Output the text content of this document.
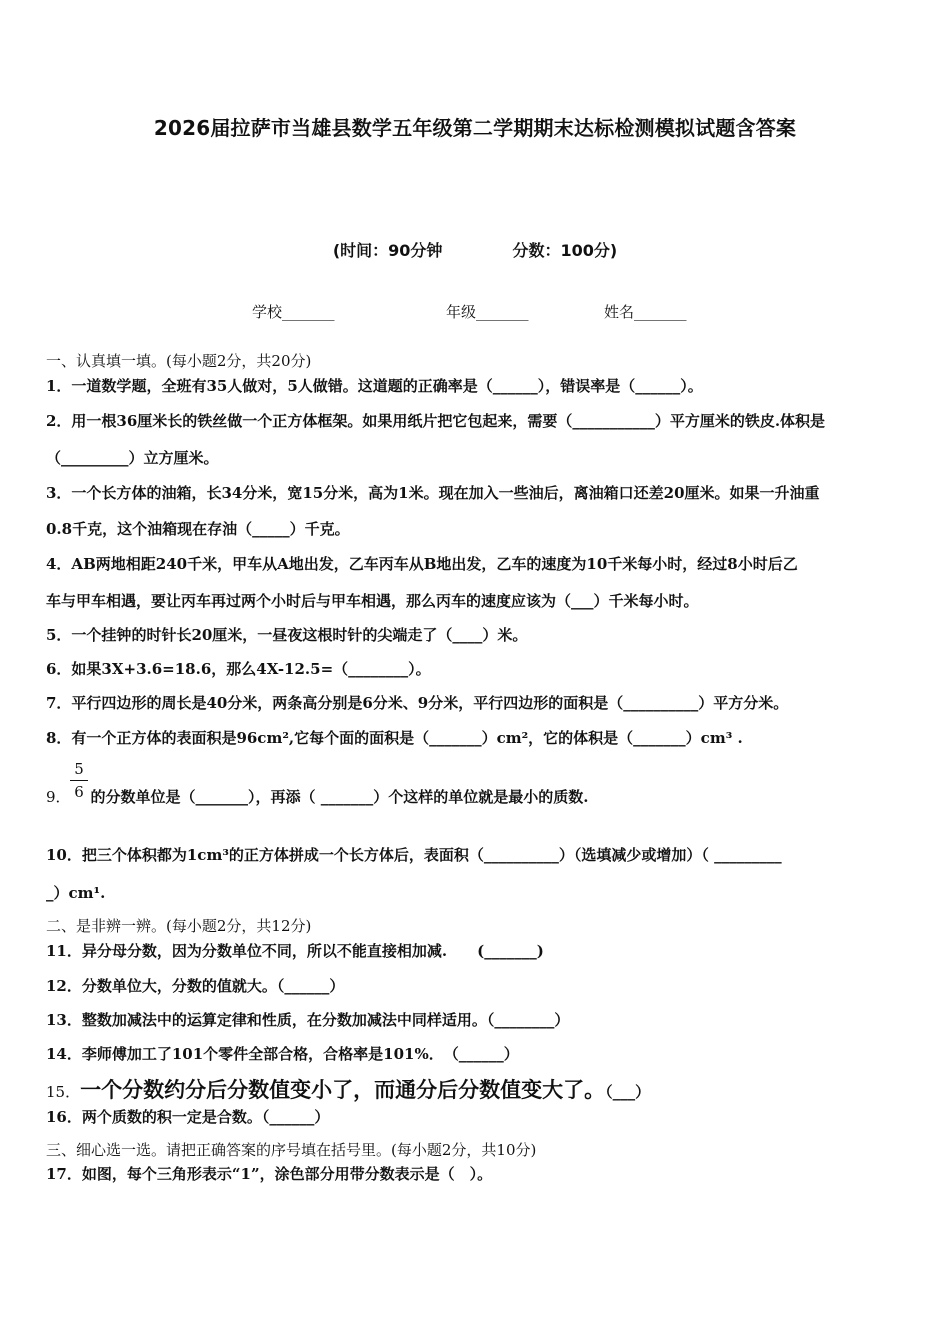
2026届拉萨市当雄县数学五年级第二学期期末达标检测模拟试题含答案
(时间：90分钟	分数：100分)
学校_______	年级_______	姓名_______
一、认真填一填。(每小题2分，共20分)
1．一道数学题，全班有35人做对，5人做错。这道题的正确率是（______），错误率是（______）。
2．用一根36厘米长的铁丝做一个正方体框架。如果用纸片把它包起来，需要（___________）平方厘米的铁皮.体积是
（_________）立方厘米。
3．一个长方体的油箱，长34分米，宽15分米，高为1米。现在加入一些油后，离油箱口还差20厘米。如果一升油重
0.8千克，这个油箱现在存油（_____）千克。
4．AB两地相距240千米，甲车从A地出发，乙车丙车从B地出发，乙车的速度为10千米每小时，经过8小时后乙
车与甲车相遇，要让丙车再过两个小时后与甲车相遇，那么丙车的速度应该为（___）千米每小时。
5．一个挂钟的时针长20厘米，一昼夜这根时针的尖端走了（____）米。
6．如果3X+3.6=18.6，那么4X-12.5=（________）。
7．平行四边形的周长是40分米，两条高分别是6分米、9分米，平行四边形的面积是（__________）平方分米。
8．有一个正方体的表面积是96cm²,它每个面的面积是（_______）cm²，它的体积是（_______）cm³ .
5
6
9． 的分数单位是（_______），再添（ _______）个这样的单位就是最小的质数.
10．把三个体积都为1cm³的正方体拼成一个长方体后，表面积（__________）（选填减少或增加）（ _________
_）cm¹.
二、是非辨一辨。(每小题2分，共12分)
11．异分母分数，因为分数单位不同，所以不能直接相加减.　　(_______)
12．分数单位大，分数的值就大。（______）
13．整数加减法中的运算定律和性质，在分数加减法中同样适用。（________）
14．李师傅加工了101个零件全部合格，合格率是101%．　（______）
15．一个分数约分后分数值变小了，而通分后分数值变大了。（___）
16．两个质数的积一定是合数。（______）
三、细心选一选。请把正确答案的序号填在括号里。(每小题2分，共10分)
17．如图，每个三角形表示“1”，涂色部分用带分数表示是（　）。
